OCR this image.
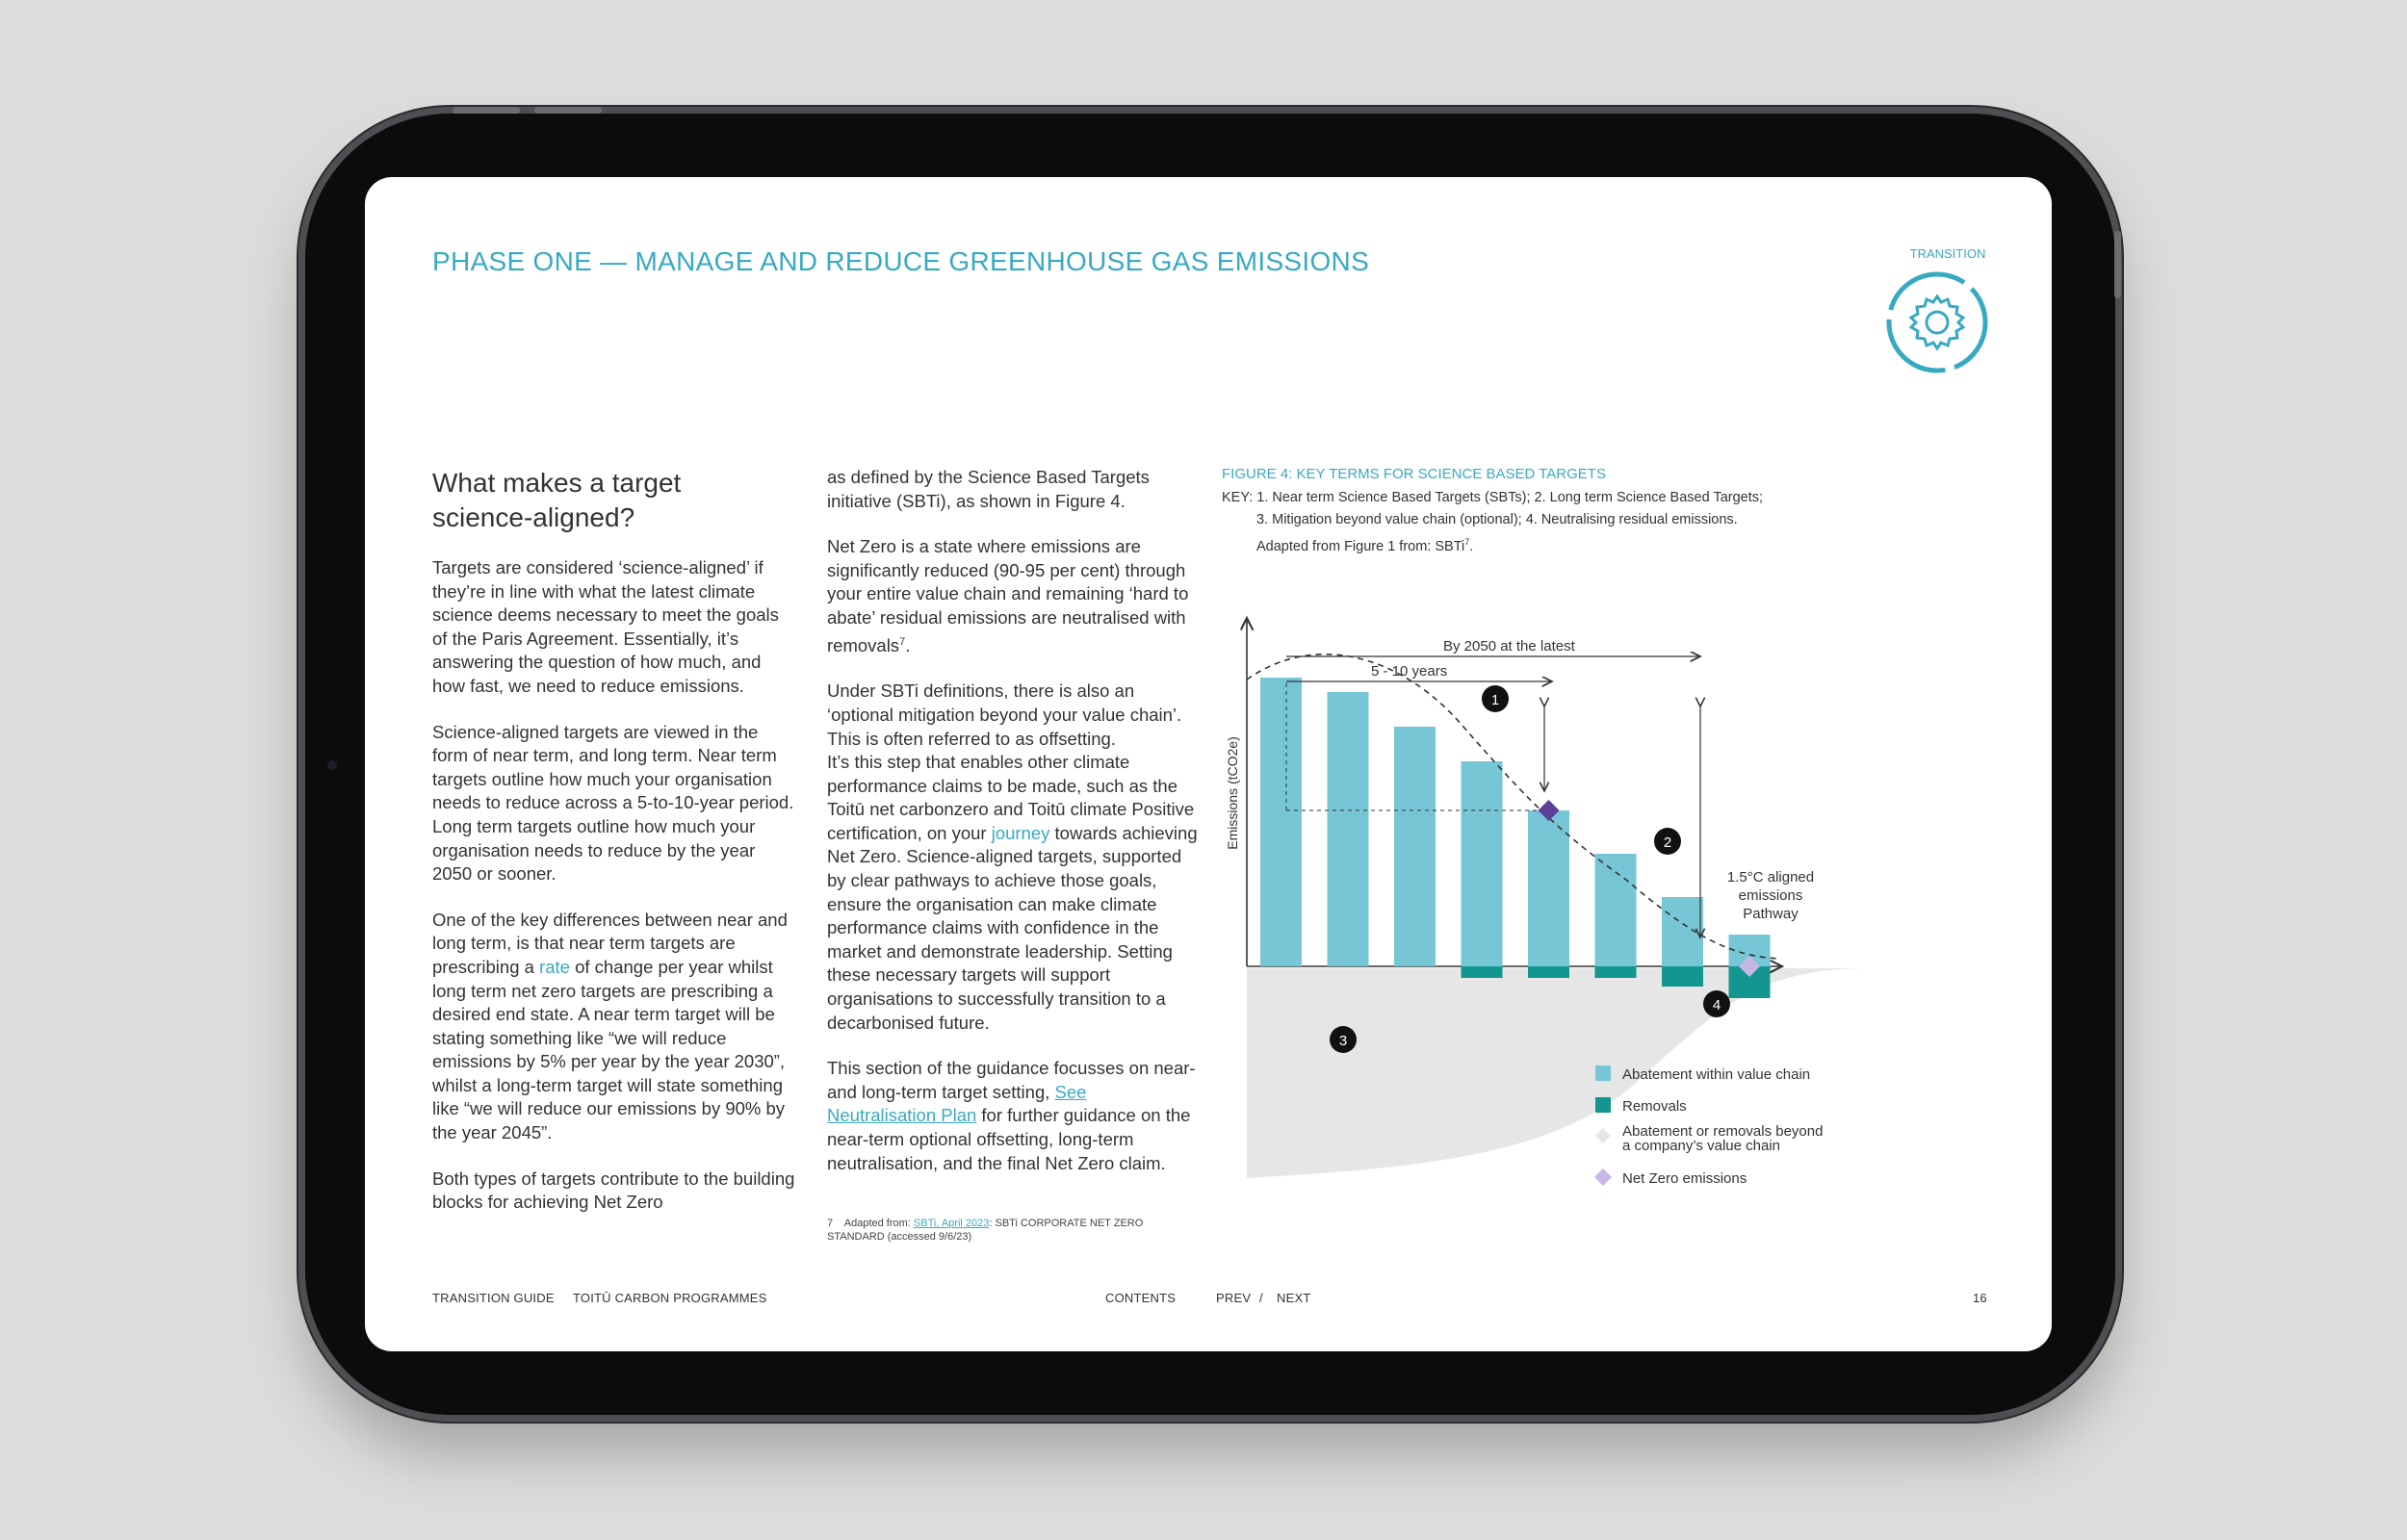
PHASE ONE — MANAGE AND REDUCE GREENHOUSE GAS EMISSIONS	TRANSITION
What makes a target
science-aligned?

Targets are considered ‘science-aligned’ if they’re in line with what the latest climate science deems necessary to meet the goals of the Paris Agreement. Essentially, it’s answering the question of how much, and how fast, we need to reduce emissions.

Science-aligned targets are viewed in the form of near term, and long term. Near term targets outline how much your organisation needs to reduce across a 5-to-10-year period. Long term targets outline how much your organisation needs to reduce by the year 2050 or sooner.

One of the key differences between near and long term, is that near term targets are prescribing a rate of change per year whilst long term net zero targets are prescribing a desired end state. A near term target will be stating something like “we will reduce emissions by 5% per year by the year 2030”, whilst a long-term target will state something like “we will reduce our emissions by 90% by the year 2045”.

Both types of targets contribute to the building blocks for achieving Net Zero

as defined by the Science Based Targets initiative (SBTi), as shown in Figure 4.

Net Zero is a state where emissions are significantly reduced (90-95 per cent) through your entire value chain and remaining ‘hard to abate’ residual emissions are neutralised with removals$^7$.

Under SBTi definitions, there is also an ‘optional mitigation beyond your value chain’. This is often referred to as offsetting.
It’s this step that enables other climate performance claims to be made, such as the Toitū net carbonzero and Toitū climate Positive certification, on your journey towards achieving Net Zero. Science-aligned targets, supported by clear pathways to achieve those goals, ensure the organisation can make climate performance claims with confidence in the market and demonstrate leadership. Setting these necessary targets will support organisations to successfully transition to a decarbonised future.

This section of the guidance focusses on near- and long-term target setting, See Neutralisation Plan for further guidance on the near-term optional offsetting, long-term neutralisation, and the final Net Zero claim.

7 Adapted from: SBTi, April 2023: SBTi CORPORATE NET ZERO STANDARD (accessed 9/6/23)
FIGURE 4: KEY TERMS FOR SCIENCE BASED TARGETS
KEY: 1. Near term Science Based Targets (SBTs); 2. Long term Science Based Targets;
3. Mitigation beyond value chain (optional); 4. Neutralising residual emissions.
Adapted from Figure 1 from: SBTi$^7$.
Emissions (tCO2e)
By 2050 at the latest
5 - 10 years
1
2
3
4
1.5°C aligned
emissions
Pathway
Abatement within value chain
Removals
Abatement or removals beyond
a company’s value chain
Net Zero emissions
TRANSITION GUIDE TOITŪ CARBON PROGRAMMES	CONTENTS	PREV / NEXT	16
